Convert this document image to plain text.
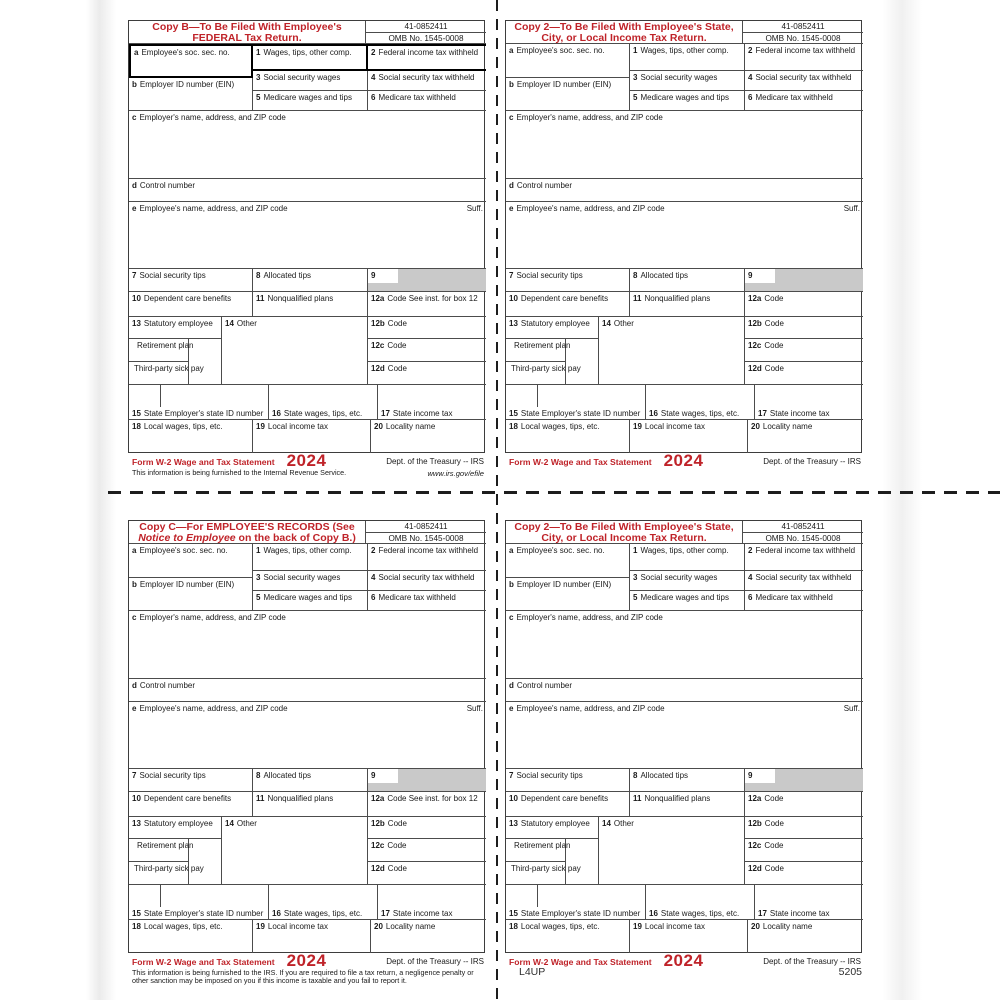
Copy B—To Be Filed With Employee's
FEDERAL Tax Return.
41-0852411
OMB No. 1545-0008
a Employee's soc. sec. no.
b Employer ID number (EIN)
1 Wages, tips, other comp.	2 Federal income tax withheld
3 Social security wages	4 Social security tax withheld
5 Medicare wages and tips	6 Medicare tax withheld
c Employer's name, address, and ZIP code
d Control number
e Employee's name, address, and ZIP code	Suff.
7 Social security tips	8 Allocated tips	9
10 Dependent care benefits	11 Nonqualified plans	12a Code See inst. for box 12
13 Statutory employee
Retirement plan
Third-party sick pay
14 Other	12b Code
12c Code
12d Code
15 State Employer's state ID number 16 State wages, tips, etc. 17 State income tax
18 Local wages, tips, etc.	19 Local income tax	20 Locality name
Form W-2 Wage and Tax Statement 2024	Dept. of the Treasury -- IRS
This information is being furnished to the Internal Revenue Service.	www.irs.gov/efile
Copy 2—To Be Filed With Employee's State,
City, or Local Income Tax Return.
41-0852411
OMB No. 1545-0008
a Employee's soc. sec. no.
b Employer ID number (EIN)
1 Wages, tips, other comp.	2 Federal income tax withheld
3 Social security wages	4 Social security tax withheld
5 Medicare wages and tips	6 Medicare tax withheld
c Employer's name, address, and ZIP code
d Control number
e Employee's name, address, and ZIP code	Suff.
7 Social security tips	8 Allocated tips	9
10 Dependent care benefits	11 Nonqualified plans	12a Code
13 Statutory employee
Retirement plan
Third-party sick pay
14 Other	12b Code
12c Code
12d Code
15 State Employer's state ID number 16 State wages, tips, etc. 17 State income tax
18 Local wages, tips, etc.	19 Local income tax	20 Locality name
Form W-2 Wage and Tax Statement 2024	Dept. of the Treasury -- IRS
Copy C—For EMPLOYEE'S RECORDS (See
Notice to Employee on the back of Copy B.)
41-0852411
OMB No. 1545-0008
a Employee's soc. sec. no.
b Employer ID number (EIN)
1 Wages, tips, other comp.	2 Federal income tax withheld
3 Social security wages	4 Social security tax withheld
5 Medicare wages and tips	6 Medicare tax withheld
c Employer's name, address, and ZIP code
d Control number
e Employee's name, address, and ZIP code	Suff.
7 Social security tips	8 Allocated tips	9
10 Dependent care benefits	11 Nonqualified plans	12a Code See inst. for box 12
13 Statutory employee
Retirement plan
Third-party sick pay
14 Other	12b Code
12c Code
12d Code
15 State Employer's state ID number 16 State wages, tips, etc. 17 State income tax
18 Local wages, tips, etc.	19 Local income tax	20 Locality name
Form W-2 Wage and Tax Statement 2024	Dept. of the Treasury -- IRS
This information is being furnished to the IRS. If you are required to file a tax return, a negligence penalty or other sanction may be imposed on you if this income is taxable and you fail to report it.
Copy 2—To Be Filed With Employee's State,
City, or Local Income Tax Return.
41-0852411
OMB No. 1545-0008
a Employee's soc. sec. no.
b Employer ID number (EIN)
1 Wages, tips, other comp.	2 Federal income tax withheld
3 Social security wages	4 Social security tax withheld
5 Medicare wages and tips	6 Medicare tax withheld
c Employer's name, address, and ZIP code
d Control number
e Employee's name, address, and ZIP code	Suff.
7 Social security tips	8 Allocated tips	9
10 Dependent care benefits	11 Nonqualified plans	12a Code
13 Statutory employee
Retirement plan
Third-party sick pay
14 Other	12b Code
12c Code
12d Code
15 State Employer's state ID number 16 State wages, tips, etc. 17 State income tax
18 Local wages, tips, etc.	19 Local income tax	20 Locality name
Form W-2 Wage and Tax Statement 2024	Dept. of the Treasury -- IRS
L4UP	5205
